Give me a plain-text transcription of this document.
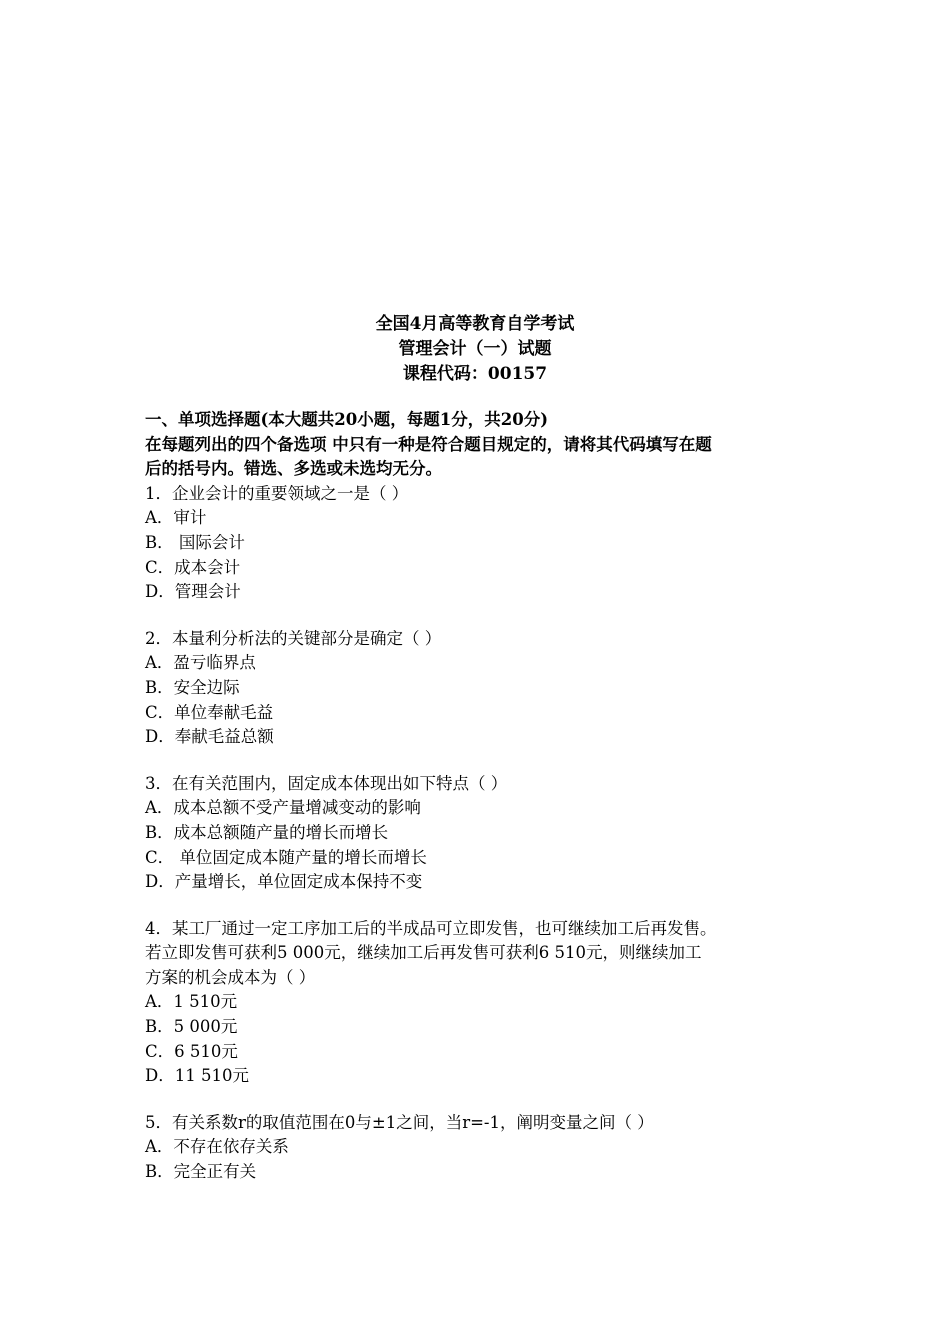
全国4月高等教育自学考试
管理会计（一）试题
课程代码：00157
一、单项选择题(本大题共20小题，每题1分，共20分)
在每题列出的四个备选项 中只有一种是符合题目规定的，请将其代码填写在题
后的括号内。错选、多选或未选均无分。
1．企业会计的重要领域之一是（ ）
A．审计
B． 国际会计
C．成本会计
D．管理会计
2．本量利分析法的关键部分是确定（ ）
A．盈亏临界点
B．安全边际
C．单位奉献毛益
D．奉献毛益总额
3．在有关范围内，固定成本体现出如下特点（ ）
A．成本总额不受产量增减变动的影响
B．成本总额随产量的增长而增长
C． 单位固定成本随产量的增长而增长
D．产量增长，单位固定成本保持不变
4．某工厂通过一定工序加工后的半成品可立即发售，也可继续加工后再发售。
若立即发售可获利5 000元，继续加工后再发售可获利6 510元，则继续加工
方案的机会成本为（ ）
A．1 510元
B．5 000元
C．6 510元
D．11 510元
5．有关系数r的取值范围在0与±1之间，当r=-1，阐明变量之间（ ）
A．不存在依存关系
B．完全正有关
